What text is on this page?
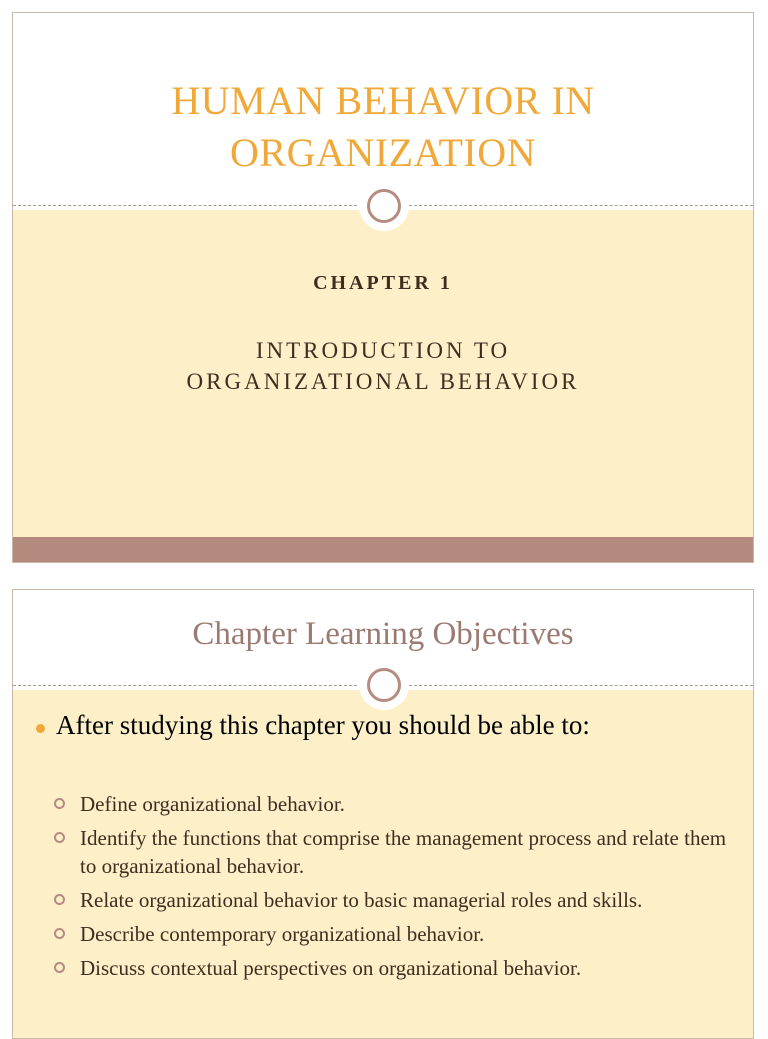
HUMAN BEHAVIOR IN
ORGANIZATION
CHAPTER 1
INTRODUCTION TO
ORGANIZATIONAL BEHAVIOR
Chapter Learning Objectives
After studying this chapter you should be able to:
Define organizational behavior.
Identify the functions that comprise the management process and relate them to organizational behavior.
Relate organizational behavior to basic managerial roles and skills.
Describe contemporary organizational behavior.
Discuss contextual perspectives on organizational behavior.
